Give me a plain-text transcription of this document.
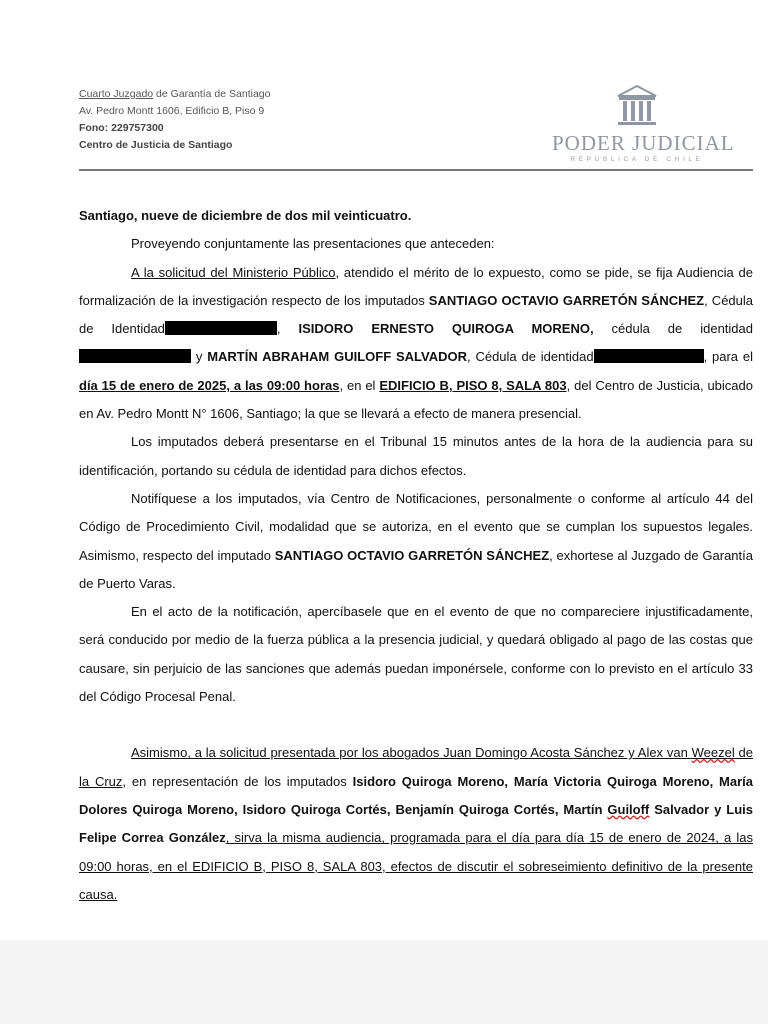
Cuarto Juzgado de Garantía de Santiago
Av. Pedro Montt 1606, Edificio B, Piso 9
Fono: 229757300
Centro de Justicia de Santiago	PODER JUDICIAL
REPÚBLICA DE CHILE

Santiago, nueve de diciembre de dos mil veinticuatro.

Proveyendo conjuntamente las presentaciones que anteceden:

A la solicitud del Ministerio Público, atendido el mérito de lo expuesto, como se pide, se fija Audiencia de formalización de la investigación respecto de los imputados SANTIAGO OCTAVIO GARRETÓN SÁNCHEZ, Cédula de Identidad	, ISIDORO ERNESTO QUIROGA MORENO, cédula de identidad  y MARTÍN ABRAHAM GUILOFF SALVADOR, Cédula de identidad	, para el día 15 de enero de 2025, a las 09:00 horas, en el EDIFICIO B, PISO 8, SALA 803, del Centro de Justicia, ubicado en Av. Pedro Montt N° 1606, Santiago; la que se llevará a efecto de manera presencial.

Los imputados deberá presentarse en el Tribunal 15 minutos antes de la hora de la audiencia para su identificación, portando su cédula de identidad para dichos efectos.

Notifíquese a los imputados, vía Centro de Notificaciones, personalmente o conforme al artículo 44 del Código de Procedimiento Civil, modalidad que se autoriza, en el evento que se cumplan los supuestos legales. Asimismo, respecto del imputado SANTIAGO OCTAVIO GARRETÓN SÁNCHEZ, exhortese al Juzgado de Garantía de Puerto Varas.

En el acto de la notificación, apercíbasele que en el evento de que no compareciere injustificadamente, será conducido por medio de la fuerza pública a la presencia judicial, y quedará obligado al pago de las costas que causare, sin perjuicio de las sanciones que además puedan imponérsele, conforme con lo previsto en el artículo 33 del Código Procesal Penal.

Asimismo, a la solicitud presentada por los abogados Juan Domingo Acosta Sánchez y Alex van Weezel de la Cruz, en representación de los imputados Isidoro Quiroga Moreno, María Victoria Quiroga Moreno, María Dolores Quiroga Moreno, Isidoro Quiroga Cortés, Benjamín Quiroga Cortés, Martín Guiloff Salvador y Luis Felipe Correa González, sirva la misma audiencia, programada para el día para día 15 de enero de 2024, a las 09:00 horas, en el EDIFICIO B, PISO 8, SALA 803, efectos de discutir el sobreseimiento definitivo de la presente causa.
